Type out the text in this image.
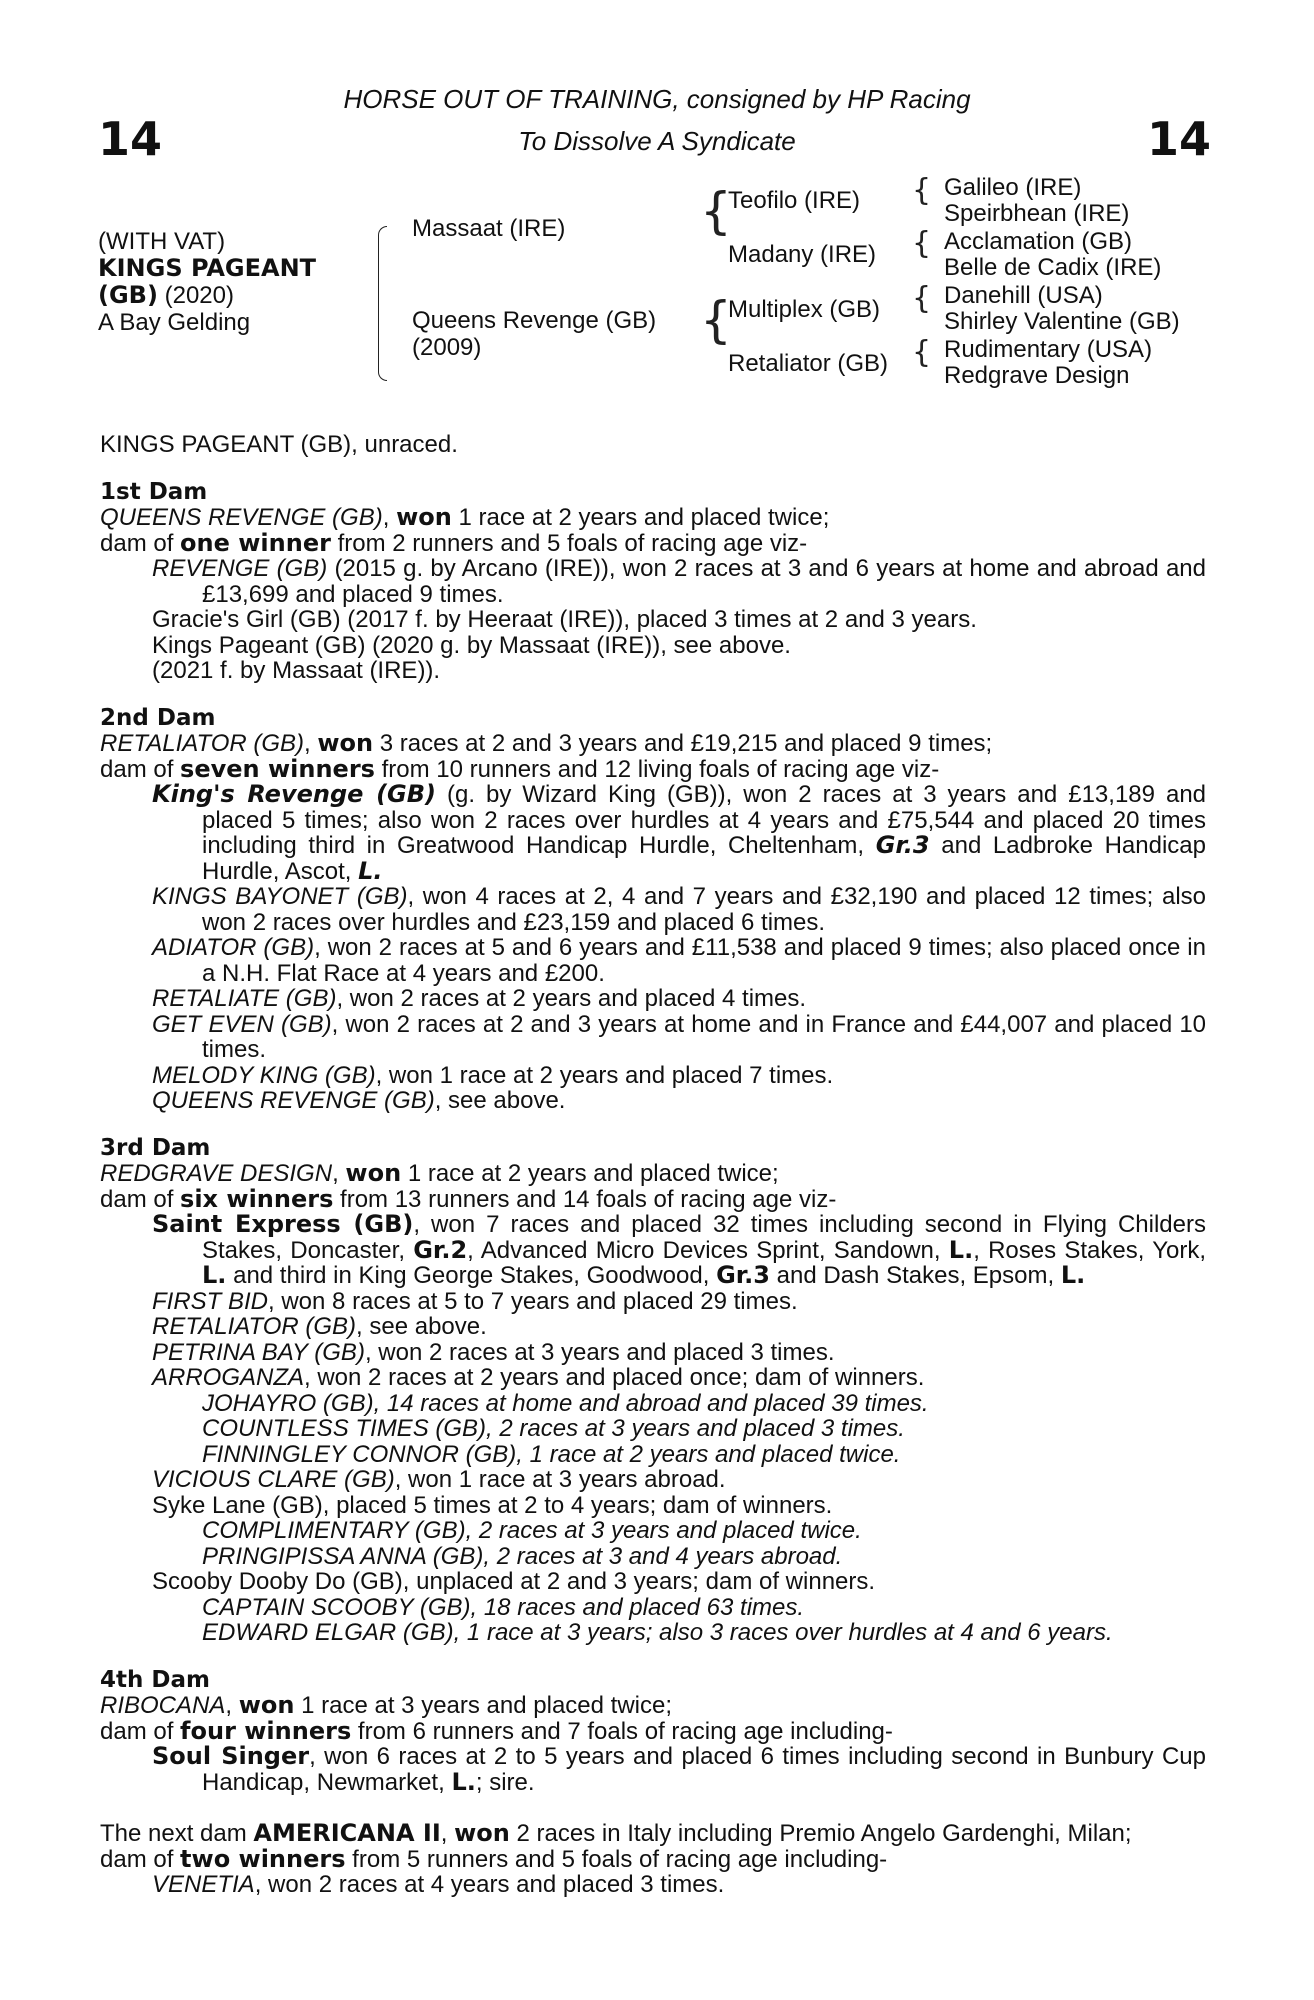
14	14
HORSE OUT OF TRAINING, consigned by HP Racing
To Dissolve A Syndicate
(WITH VAT)
KINGS PAGEANT
(GB) (2020)
A Bay Gelding
Massaat (IRE)
Queens Revenge (GB)
(2009)
{
Teofilo (IRE)
Madany (IRE)
{
Multiplex (GB)
Retaliator (GB)
{ Galileo (IRE)
Speirbhean (IRE)
{ Acclamation (GB)
Belle de Cadix (IRE)
{ Danehill (USA)
Shirley Valentine (GB)
{ Rudimentary (USA)
Redgrave Design
KINGS PAGEANT (GB), unraced.
1st Dam
QUEENS REVENGE (GB), won 1 race at 2 years and placed twice;
dam of one winner from 2 runners and 5 foals of racing age viz-
REVENGE (GB) (2015 g. by Arcano (IRE)), won 2 races at 3 and 6 years at home and abroad and £13,699 and placed 9 times.
Gracie's Girl (GB) (2017 f. by Heeraat (IRE)), placed 3 times at 2 and 3 years.
Kings Pageant (GB) (2020 g. by Massaat (IRE)), see above.
(2021 f. by Massaat (IRE)).
2nd Dam
RETALIATOR (GB), won 3 races at 2 and 3 years and £19,215 and placed 9 times;
dam of seven winners from 10 runners and 12 living foals of racing age viz-
King's Revenge (GB) (g. by Wizard King (GB)), won 2 races at 3 years and £13,189 and placed 5 times; also won 2 races over hurdles at 4 years and £75,544 and placed 20 times including third in Greatwood Handicap Hurdle, Cheltenham, Gr.3 and Ladbroke Handicap Hurdle, Ascot, L.
KINGS BAYONET (GB), won 4 races at 2, 4 and 7 years and £32,190 and placed 12 times; also won 2 races over hurdles and £23,159 and placed 6 times.
ADIATOR (GB), won 2 races at 5 and 6 years and £11,538 and placed 9 times; also placed once in a N.H. Flat Race at 4 years and £200.
RETALIATE (GB), won 2 races at 2 years and placed 4 times.
GET EVEN (GB), won 2 races at 2 and 3 years at home and in France and £44,007 and placed 10 times.
MELODY KING (GB), won 1 race at 2 years and placed 7 times.
QUEENS REVENGE (GB), see above.
3rd Dam
REDGRAVE DESIGN, won 1 race at 2 years and placed twice;
dam of six winners from 13 runners and 14 foals of racing age viz-
Saint Express (GB), won 7 races and placed 32 times including second in Flying Childers Stakes, Doncaster, Gr.2, Advanced Micro Devices Sprint, Sandown, L., Roses Stakes, York, L. and third in King George Stakes, Goodwood, Gr.3 and Dash Stakes, Epsom, L.
FIRST BID, won 8 races at 5 to 7 years and placed 29 times.
RETALIATOR (GB), see above.
PETRINA BAY (GB), won 2 races at 3 years and placed 3 times.
ARROGANZA, won 2 races at 2 years and placed once; dam of winners.
JOHAYRO (GB), 14 races at home and abroad and placed 39 times.
COUNTLESS TIMES (GB), 2 races at 3 years and placed 3 times.
FINNINGLEY CONNOR (GB), 1 race at 2 years and placed twice.
VICIOUS CLARE (GB), won 1 race at 3 years abroad.
Syke Lane (GB), placed 5 times at 2 to 4 years; dam of winners.
COMPLIMENTARY (GB), 2 races at 3 years and placed twice.
PRINGIPISSA ANNA (GB), 2 races at 3 and 4 years abroad.
Scooby Dooby Do (GB), unplaced at 2 and 3 years; dam of winners.
CAPTAIN SCOOBY (GB), 18 races and placed 63 times.
EDWARD ELGAR (GB), 1 race at 3 years; also 3 races over hurdles at 4 and 6 years.
4th Dam
RIBOCANA, won 1 race at 3 years and placed twice;
dam of four winners from 6 runners and 7 foals of racing age including-
Soul Singer, won 6 races at 2 to 5 years and placed 6 times including second in Bunbury Cup Handicap, Newmarket, L.; sire.
The next dam AMERICANA II, won 2 races in Italy including Premio Angelo Gardenghi, Milan;
dam of two winners from 5 runners and 5 foals of racing age including-
VENETIA, won 2 races at 4 years and placed 3 times.
